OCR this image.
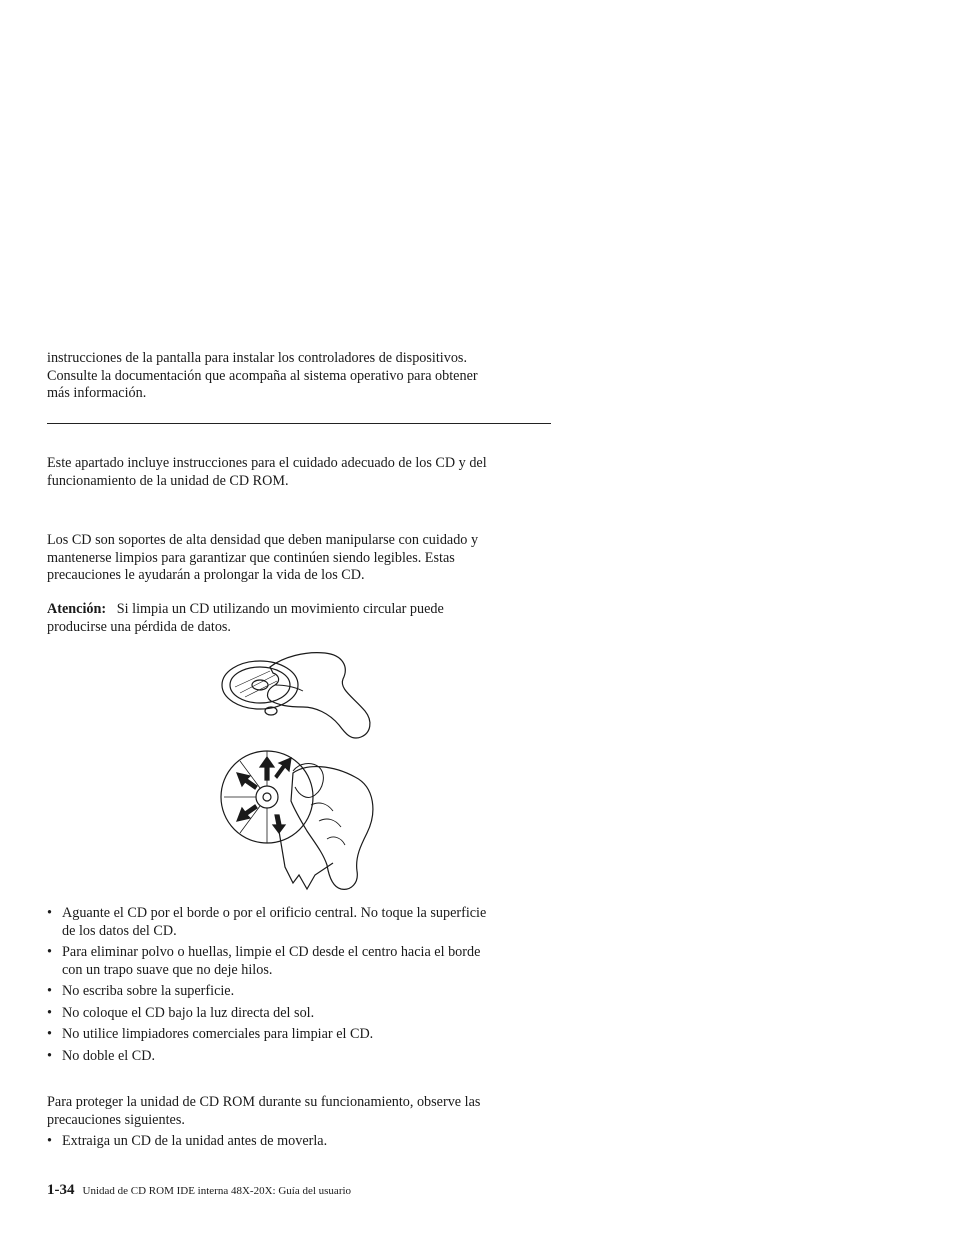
instrucciones de la pantalla para instalar los controladores de dispositivos.
Consulte la documentación que acompaña al sistema operativo para obtener
más información.

Este apartado incluye instrucciones para el cuidado adecuado de los CD y del
funcionamiento de la unidad de CD ROM.

Los CD son soportes de alta densidad que deben manipularse con cuidado y
mantenerse limpios para garantizar que continúen siendo legibles. Estas
precauciones le ayudarán a prolongar la vida de los CD.

Atención: Si limpia un CD utilizando un movimiento circular puede
producirse una pérdida de datos.

• Aguante el CD por el borde o por el orificio central. No toque la superficie
de los datos del CD.
• Para eliminar polvo o huellas, limpie el CD desde el centro hacia el borde
con un trapo suave que no deje hilos.
• No escriba sobre la superficie.
• No coloque el CD bajo la luz directa del sol.
• No utilice limpiadores comerciales para limpiar el CD.
• No doble el CD.

Para proteger la unidad de CD ROM durante su funcionamiento, observe las
precauciones siguientes.

• Extraiga un CD de la unidad antes de moverla.
1-34 Unidad de CD ROM IDE interna 48X-20X: Guía del usuario
